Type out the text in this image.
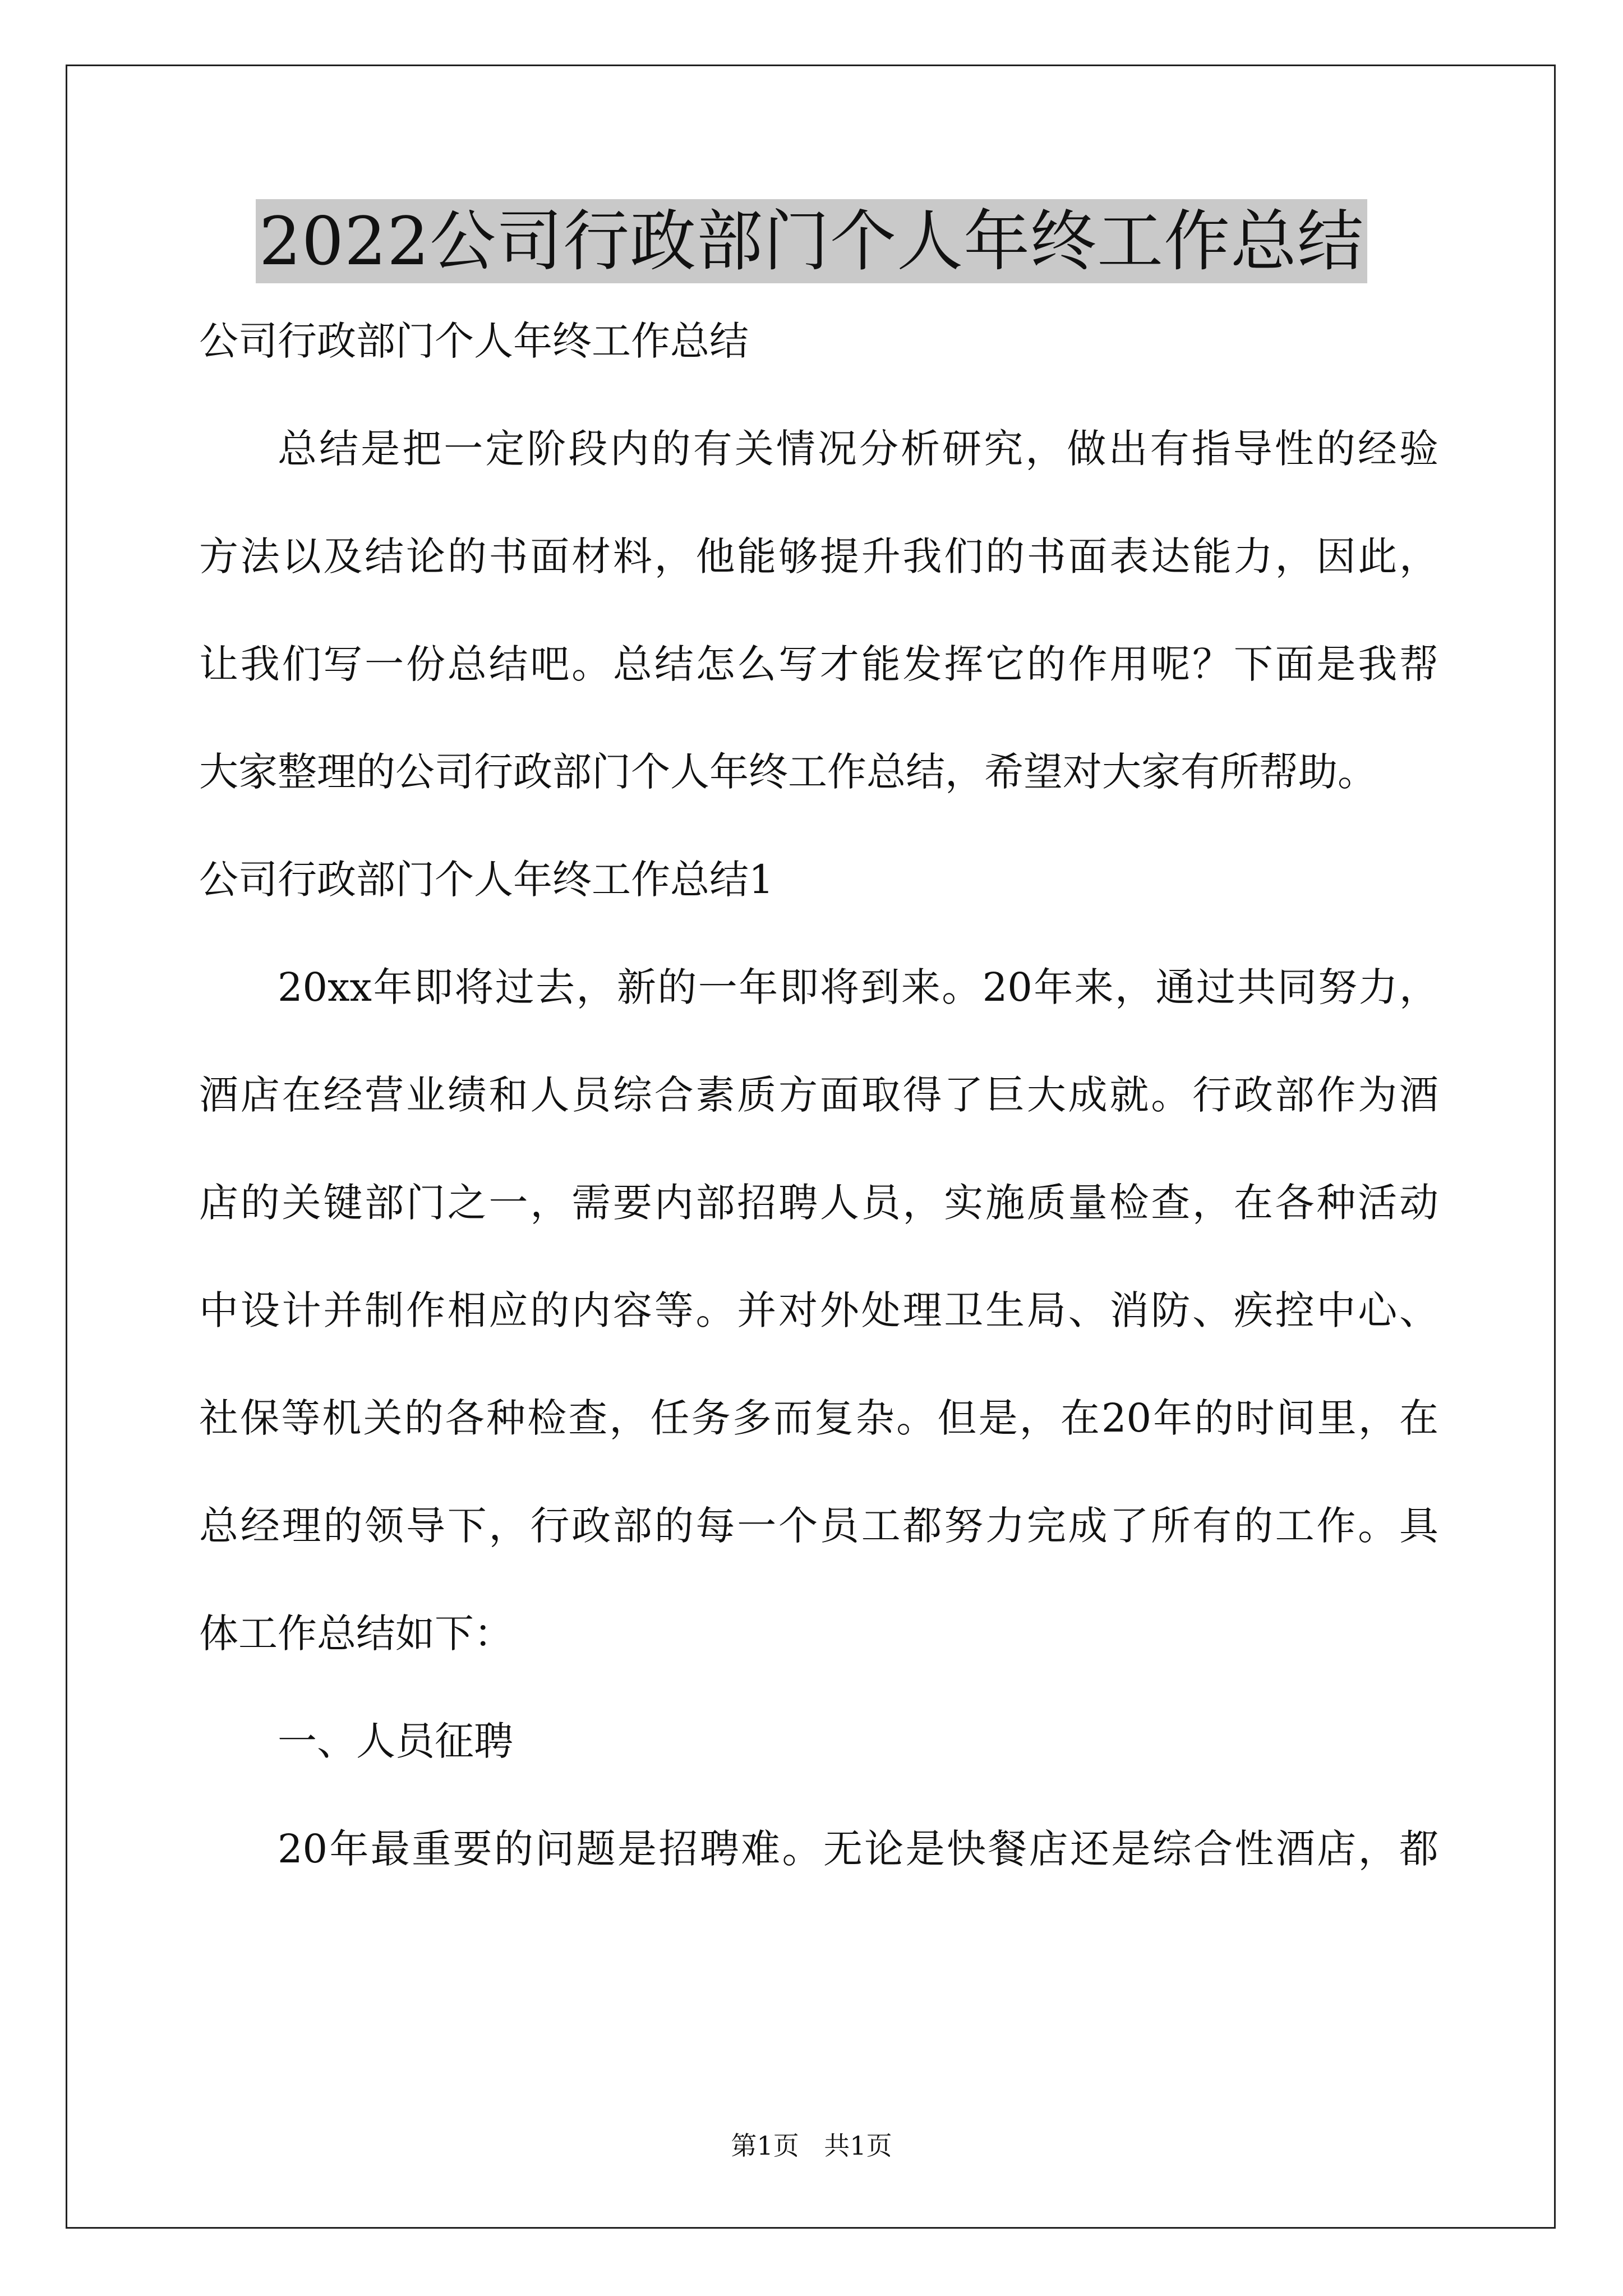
2022公司行政部门个人年终工作总结
公司行政部门个人年终工作总结
总结是把一定阶段内的有关情况分析研究，做出有指导性的经验
方法以及结论的书面材料，他能够提升我们的书面表达能力，因此，
让我们写一份总结吧。总结怎么写才能发挥它的作用呢？下面是我帮
大家整理的公司行政部门个人年终工作总结，希望对大家有所帮助。
公司行政部门个人年终工作总结1
20xx年即将过去，新的一年即将到来。20年来，通过共同努力，
酒店在经营业绩和人员综合素质方面取得了巨大成就。行政部作为酒
店的关键部门之一，需要内部招聘人员，实施质量检查，在各种活动
中设计并制作相应的内容等。并对外处理卫生局、消防、疾控中心、
社保等机关的各种检查，任务多而复杂。但是，在20年的时间里，在
总经理的领导下，行政部的每一个员工都努力完成了所有的工作。具
体工作总结如下：
一、人员征聘
20年最重要的问题是招聘难。无论是快餐店还是综合性酒店，都
第1页 共1页
